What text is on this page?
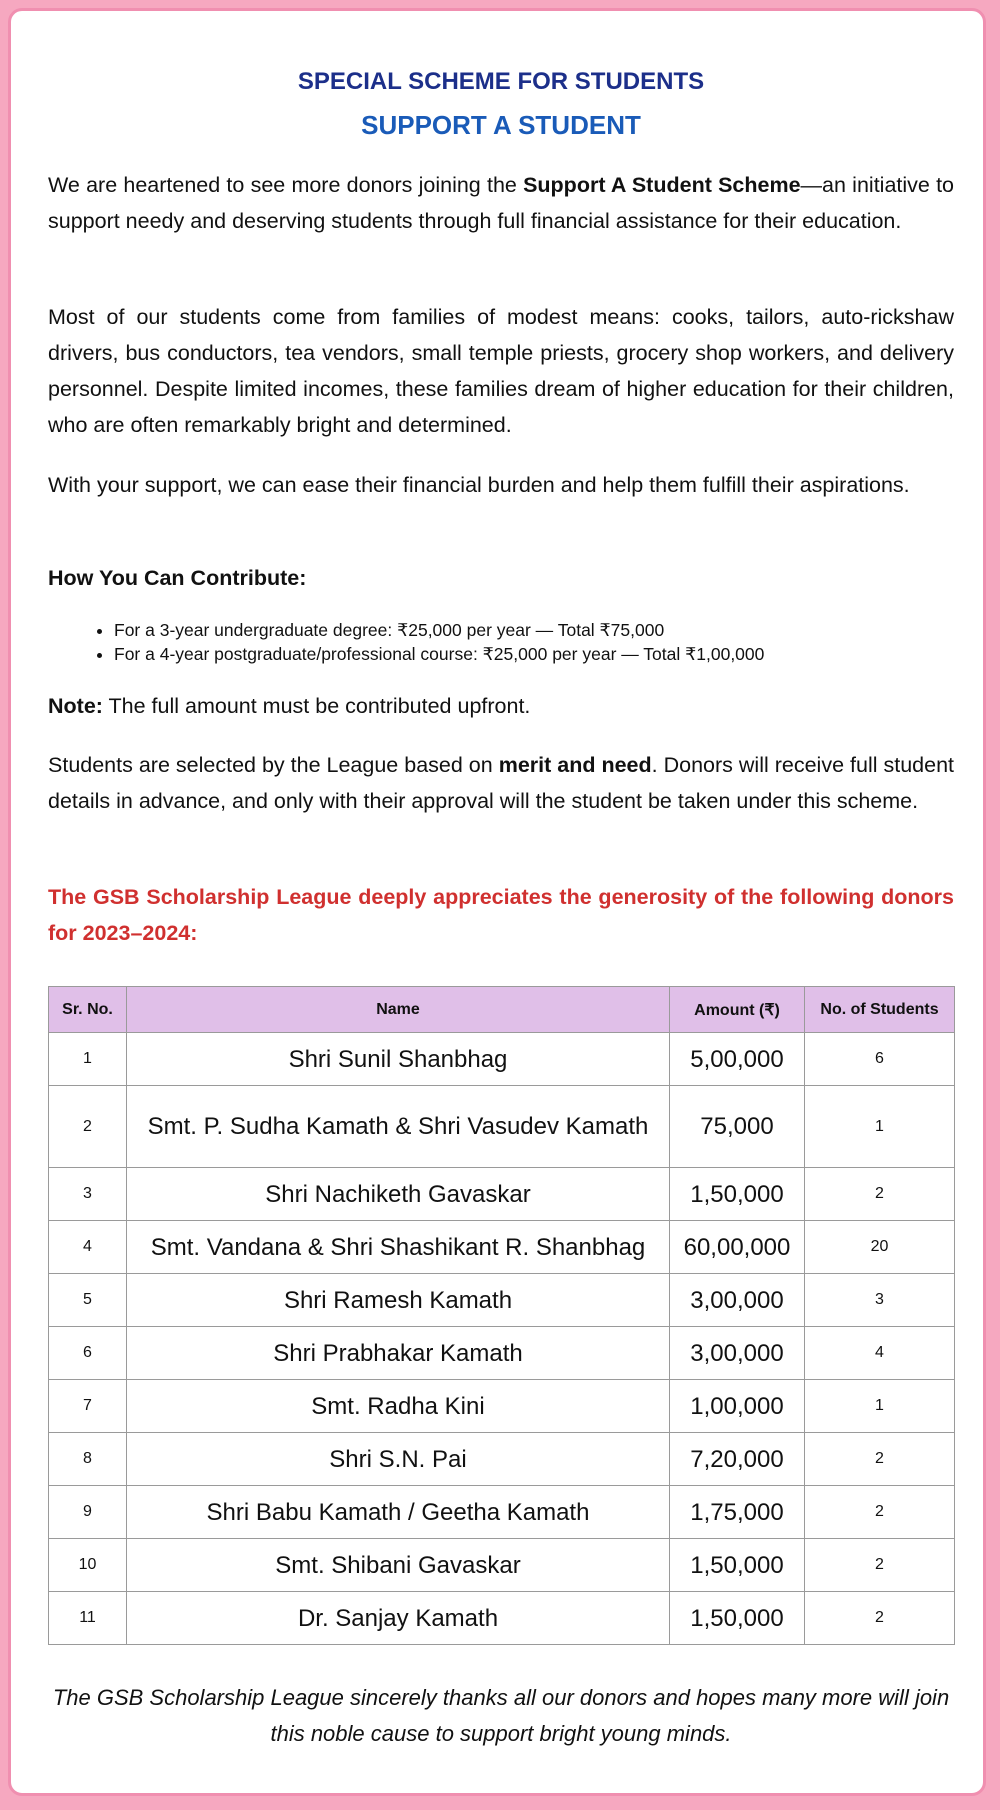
SPECIAL SCHEME FOR STUDENTS
SUPPORT A STUDENT

We are heartened to see more donors joining the Support A Student Scheme—an initiative to support needy and deserving students through full financial assistance for their education.

Most of our students come from families of modest means: cooks, tailors, auto-rickshaw drivers, bus conductors, tea vendors, small temple priests, grocery shop workers, and delivery personnel. Despite limited incomes, these families dream of higher education for their children, who are often remarkably bright and determined.

With your support, we can ease their financial burden and help them fulfill their aspirations.

How You Can Contribute:
• For a 3-year undergraduate degree: ₹25,000 per year — Total ₹75,000
• For a 4-year postgraduate/professional course: ₹25,000 per year — Total ₹1,00,000

Note: The full amount must be contributed upfront.

Students are selected by the League based on merit and need. Donors will receive full student details in advance, and only with their approval will the student be taken under this scheme.

The GSB Scholarship League deeply appreciates the generosity of the following donors for 2023–2024:

Sr. No.	Name	Amount (₹)	No. of Students
1	Shri Sunil Shanbhag	5,00,000	6
2	Smt. P. Sudha Kamath & Shri Vasudev Kamath	75,000	1
3	Shri Nachiketh Gavaskar	1,50,000	2
4	Smt. Vandana & Shri Shashikant R. Shanbhag	60,00,000	20
5	Shri Ramesh Kamath	3,00,000	3
6	Shri Prabhakar Kamath	3,00,000	4
7	Smt. Radha Kini	1,00,000	1
8	Shri S.N. Pai	7,20,000	2
9	Shri Babu Kamath / Geetha Kamath	1,75,000	2
10	Smt. Shibani Gavaskar	1,50,000	2
11	Dr. Sanjay Kamath	1,50,000	2
The GSB Scholarship League sincerely thanks all our donors and hopes many more will join this noble cause to support bright young minds.
